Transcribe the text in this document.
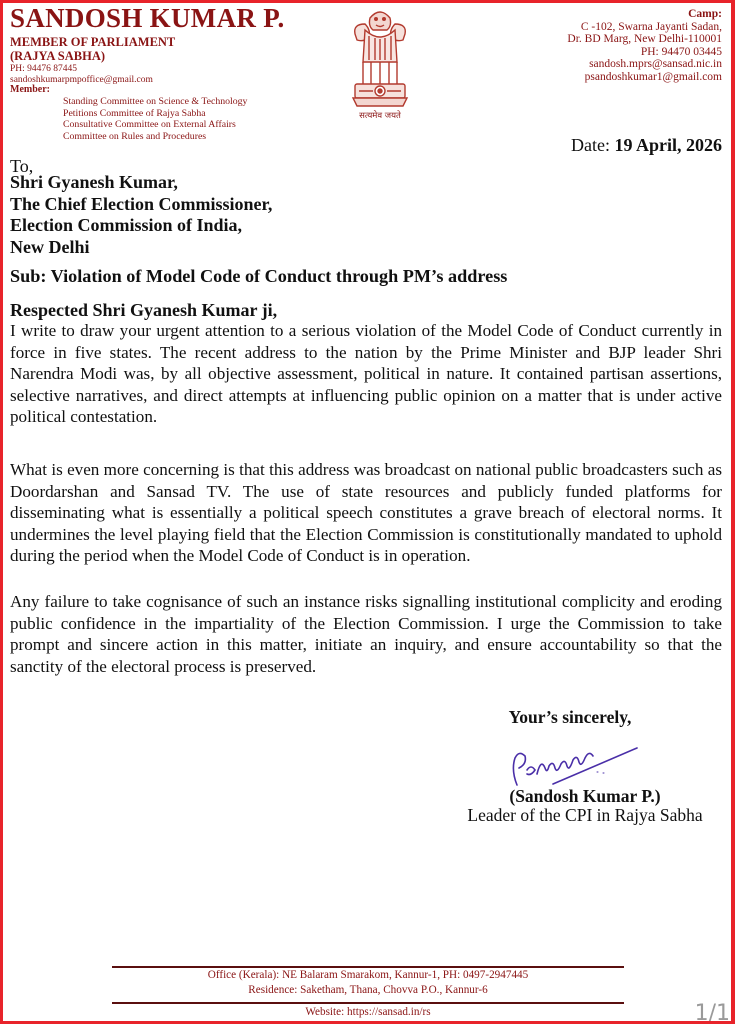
SANDOSH KUMAR P.
MEMBER OF PARLIAMENT
(RAJYA SABHA)
PH: 94476 87445
sandoshkumarpmpoffice@gmail.com
Member:
Standing Committee on Science & Technology
Petitions Committee of Rajya Sabha
Consultative Committee on External Affairs
Committee on Rules and Procedures
सत्यमेव जयते
Camp:
C -102, Swarna Jayanti Sadan,
Dr. BD Marg, New Delhi-110001
PH: 94470 03445
sandosh.mprs@sansad.nic.in
psandoshkumar1@gmail.com
Date: 19 April, 2026
To,
Shri Gyanesh Kumar,
The Chief Election Commissioner,
Election Commission of India,
New Delhi
Sub: Violation of Model Code of Conduct through PM’s address
Respected Shri Gyanesh Kumar ji,

I write to draw your urgent attention to a serious violation of the Model Code of Conduct currently in force in five states. The recent address to the nation by the Prime Minister and BJP leader Shri Narendra Modi was, by all objective assessment, political in nature. It contained partisan assertions, selective narratives, and direct attempts at influencing public opinion on a matter that is under active political contestation.

What is even more concerning is that this address was broadcast on national public broadcasters such as Doordarshan and Sansad TV. The use of state resources and publicly funded platforms for disseminating what is essentially a political speech constitutes a grave breach of electoral norms. It undermines the level playing field that the Election Commission is constitutionally mandated to uphold during the period when the Model Code of Conduct is in operation.

Any failure to take cognisance of such an instance risks signalling institutional complicity and eroding public confidence in the impartiality of the Election Commission. I urge the Commission to take prompt and sincere action in this matter, initiate an inquiry, and ensure accountability so that the sanctity of the electoral process is preserved.

Your’s sincerely,
(Sandosh Kumar P.)
Leader of the CPI in Rajya Sabha
Office (Kerala): NE Balaram Smarakom, Kannur-1, PH: 0497-2947445
Residence: Saketham, Thana, Chovva P.O., Kannur-6
Website: https://sansad.in/rs	1/1
